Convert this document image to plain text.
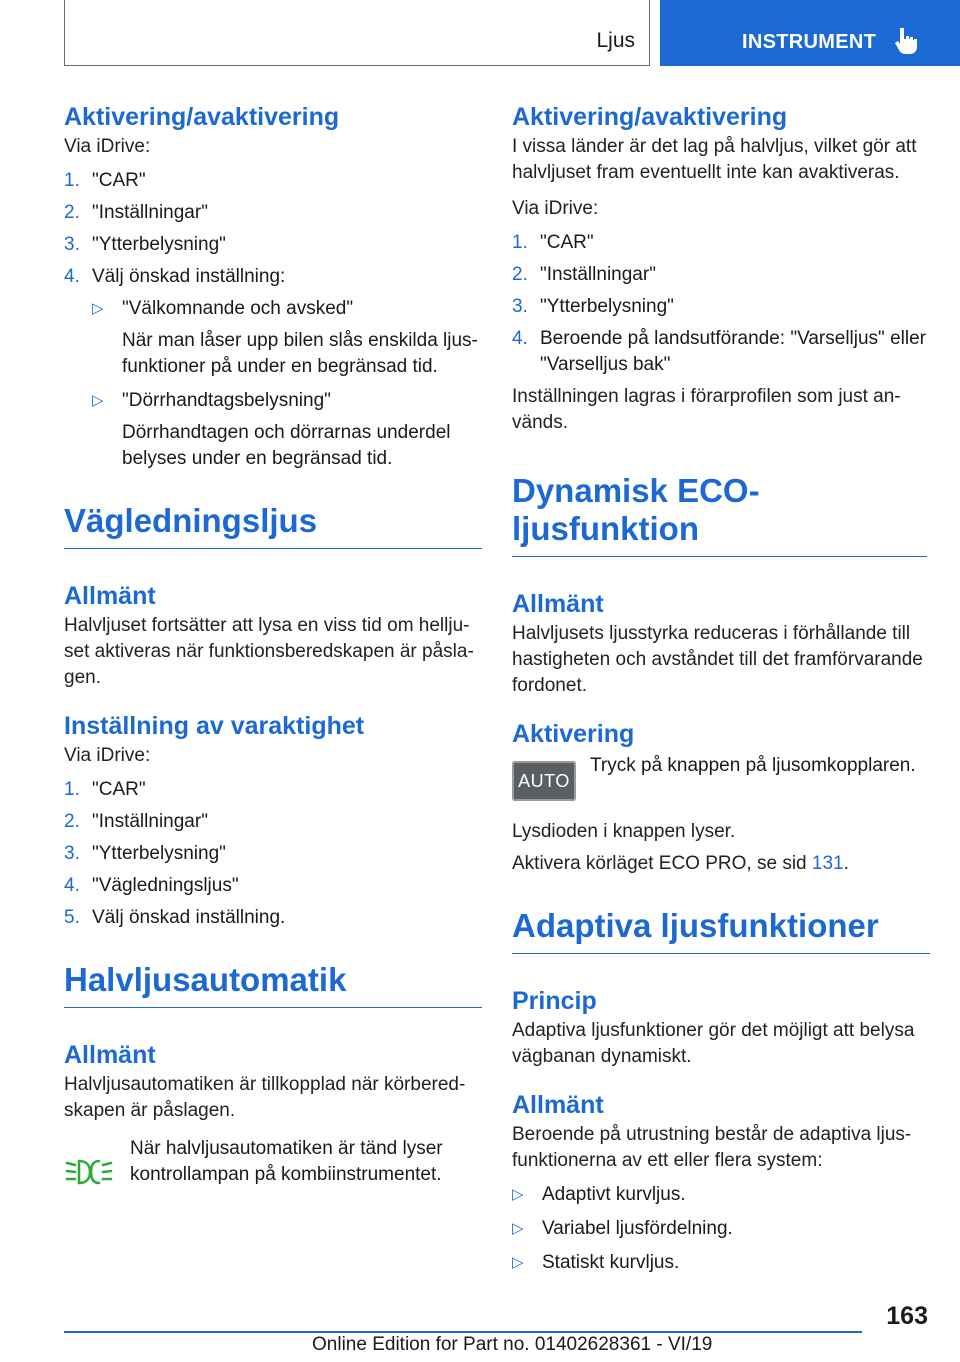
Ljus	INSTRUMENT
Aktivering/avaktivering
Via iDrive:
1. "CAR"
2. "Inställningar"
3. "Ytterbelysning"
4. Välj önskad inställning:
▷ "Välkomnande och avsked"
När man låser upp bilen slås enskilda ljus-funktioner på under en begränsad tid.
▷ "Dörrhandtagsbelysning"
Dörrhandtagen och dörrarnas underdel belyses under en begränsad tid.
Vägledningsljus
Allmänt
Halvljuset fortsätter att lysa en viss tid om hellju-set aktiveras när funktionsberedskapen är påsla-gen.
Inställning av varaktighet
Via iDrive:
1. "CAR"
2. "Inställningar"
3. "Ytterbelysning"
4. "Vägledningsljus"
5. Välj önskad inställning.
Halvljusautomatik
Allmänt
Halvljusautomatiken är tillkopplad när körbered-skapen är påslagen.
När halvljusautomatiken är tänd lyser kontrollampan på kombiinstrumentet.
Aktivering/avaktivering
I vissa länder är det lag på halvljus, vilket gör att halvljuset fram eventuellt inte kan avaktiveras.
Via iDrive:
1. "CAR"
2. "Inställningar"
3. "Ytterbelysning"
4. Beroende på landsutförande: "Varselljus" eller "Varselljus bak"
Inställningen lagras i förarprofilen som just an-vänds.
Dynamisk ECO-ljusfunktion
Allmänt
Halvljusets ljusstyrka reduceras i förhållande till hastigheten och avståndet till det framförvarande fordonet.
Aktivering
AUTO
Tryck på knappen på ljusomkopplaren.
Lysdioden i knappen lyser.
Aktivera körläget ECO PRO, se sid 131.
Adaptiva ljusfunktioner
Princip
Adaptiva ljusfunktioner gör det möjligt att belysa vägbanan dynamiskt.
Allmänt
Beroende på utrustning består de adaptiva ljus-funktionerna av ett eller flera system:
▷ Adaptivt kurvljus.
▷ Variabel ljusfördelning.
▷ Statiskt kurvljus.
163
Online Edition for Part no. 01402628361 - VI/19
